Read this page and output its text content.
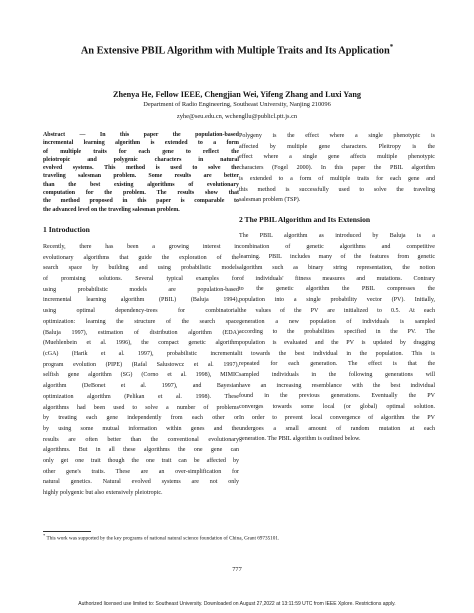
An Extensive PBIL Algorithm with Multiple Traits and Its Application*
Zhenya He, Fellow IEEE, Chengjian Wei, Yifeng Zhang and Luxi Yang
Department of Radio Engineering, Southeast University, Nanjing 210096
zyhe@seu.edu.cn, wchengllu@publicl.ptt.js.cn
Abstract — In this paper the population-based
incremental learning algorithm is extended to a form
of multiple traits for each gene to reflect the
pleiotropic and polygenic characters in natural
evolved systems. This method is used to solve the
traveling salesman problem. Some results are better
than the best existing algorithms of evolutionary
computation for the problem. The results show that
the method proposed in this paper is comparable to
the advanced level on the traveling salesman problem.
1 Introduction
Recently, there has been a growing interest in
evolutionary algorithms that guide the exploration of the
search space by building and using probabilistic models
of promising solutions. Several typical examples for
using probabilistic models are population-based
incremental learning algorithm (PBIL) (Baluja 1994),
using optimal dependency-trees for combinatorial
optimization: learning the structure of the search space
(Baluja 1997), estimation of distribution algorithm (EDA)
(Muehlenbein et al. 1996), the compact genetic algorithm
(cGA) (Harik et al. 1997), probabilistic incremental
program evolution (PIPE) (Rafal Salustowcz et al. 1997),
selfish gene algorithm (SG) (Corno et al. 1998), MIMIC
algorithm (DeBonet et al. 1997), and Bayesian
optimization algorithm (Pelikan et al. 1998). These
algorithms had been used to solve a number of problems
by treating each gene independently from each other or
by using some mutual information within genes and the
results are often better than the conventional evolutionary
algorithms. But in all these algorithms the one gene can
only get one trait though the one trait can be affected by
other gene's traits. These are an over-simplification for
natural genetics. Natural evolved systems are not only
highly polygenic but also extensively pleiotropic.
Polygeny is the effect where a single phenotypic is
affected by multiple gene characters. Pleitropy is the
effect where a single gene affects multiple phenotypic
characters (Fogel 2000). In this paper the PBIL algorithm
is extended to a form of multiple traits for each gene and
this method is successfully used to solve the traveling
salesman problem (TSP).
2 The PBIL Algorithm and Its Extension
The PBIL algorithm as introduced by Baluja is a
combination of genetic algorithms and competitive
learning. PBIL includes many of the features from genetic
algorithm such as binary string representation, the notion
of individuals' fitness measures and mutations. Contrary
to the genetic algorithm the PBIL compresses the
population into a single probability vector (PV). Initially,
the values of the PV are initialized to 0.5. At each
generation a new population of individuals is sampled
according to the probabilities specified in the PV. The
population is evaluated and the PV is updated by dragging
it towards the best individual in the population. This is
repeated for each generation. The effect is that the
sampled individuals in the following generations will
have an increasing resemblance with the best individual
found in the previous generations. Eventually the PV
converges towards some local (or global) optimal solution.
In order to prevent local convergence of algorithm the PV
undergoes a small amount of random mutation at each
generation. The PBIL algorithm is outlined below.
* This work was supported by the key programs of national natural science foundation of China, Grant 69735101.
777
Authorized licensed use limited to: Southeast University. Downloaded on August 27,2022 at 13:11:59 UTC from IEEE Xplore. Restrictions apply.
